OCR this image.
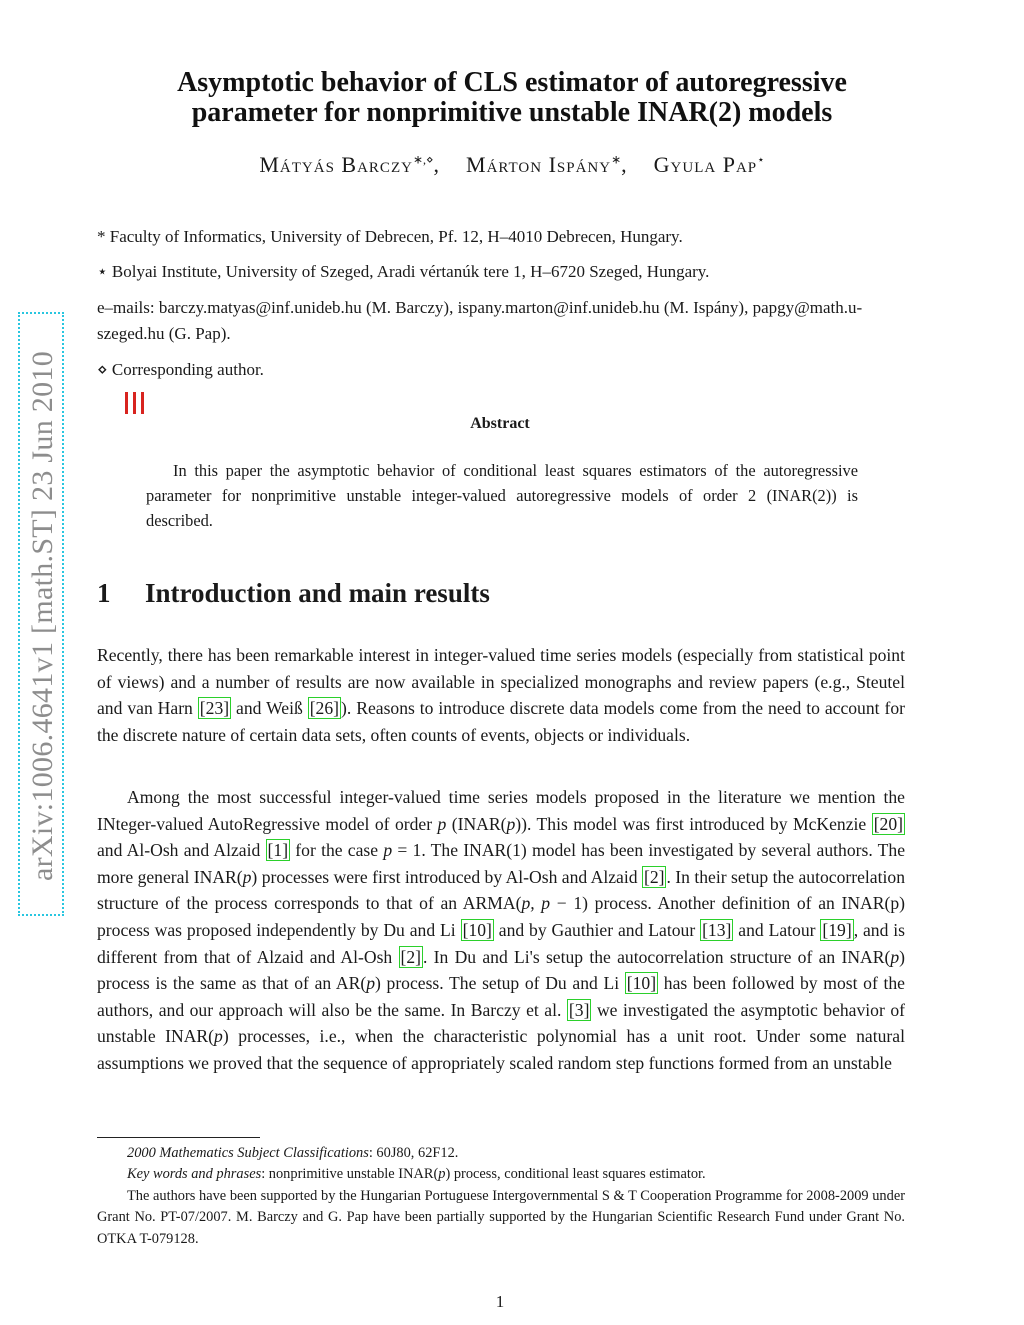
arXiv:1006.4641v1 [math.ST] 23 Jun 2010
Asymptotic behavior of CLS estimator of autoregressive
parameter for nonprimitive unstable INAR(2) models
Mátyás Barczy∗,⋄, Márton Ispány∗, Gyula Pap⋆
* Faculty of Informatics, University of Debrecen, Pf. 12, H–4010 Debrecen, Hungary.
⋆ Bolyai Institute, University of Szeged, Aradi vértanúk tere 1, H–6720 Szeged, Hungary.
e–mails: barczy.matyas@inf.unideb.hu (M. Barczy), ispany.marton@inf.unideb.hu (M. Ispány), papgy@math.u-szeged.hu (G. Pap).
⋄ Corresponding author.
Abstract
In this paper the asymptotic behavior of conditional least squares estimators of the autoregressive parameter for nonprimitive unstable integer-valued autoregressive models of order 2 (INAR(2)) is described.
1 Introduction and main results
Recently, there has been remarkable interest in integer-valued time series models (especially from statistical point of views) and a number of results are now available in specialized monographs and review papers (e.g., Steutel and van Harn [23] and Weiß [26] ). Reasons to introduce discrete data models come from the need to account for the discrete nature of certain data sets, often counts of events, objects or individuals.
Among the most successful integer-valued time series models proposed in the literature we mention the INteger-valued AutoRegressive model of order p (INAR(p)). This model was first introduced by McKenzie [20] and Al-Osh and Alzaid [1] for the case p = 1. The INAR(1) model has been investigated by several authors. The more general INAR(p) processes were first introduced by Al-Osh and Alzaid [2] . In their setup the autocorrelation structure of the process corresponds to that of an ARMA(p, p − 1) process. Another definition of an INAR(p) process was proposed independently by Du and Li [10] and by Gauthier and Latour [13] and Latour [19] , and is different from that of Alzaid and Al-Osh [2] . In Du and Li's setup the autocorrelation structure of an INAR(p) process is the same as that of an AR(p) process. The setup of Du and Li [10] has been followed by most of the authors, and our approach will also be the same. In Barczy et al. [3] we investigated the asymptotic behavior of unstable INAR(p) processes, i.e., when the characteristic polynomial has a unit root. Under some natural assumptions we proved that the sequence of appropriately scaled random step functions formed from an unstable
2000 Mathematics Subject Classifications: 60J80, 62F12.
Key words and phrases: nonprimitive unstable INAR(p) process, conditional least squares estimator.
The authors have been supported by the Hungarian Portuguese Intergovernmental S & T Cooperation Programme for 2008-2009 under Grant No. PT-07/2007. M. Barczy and G. Pap have been partially supported by the Hungarian Scientific Research Fund under Grant No. OTKA T-079128.
1
